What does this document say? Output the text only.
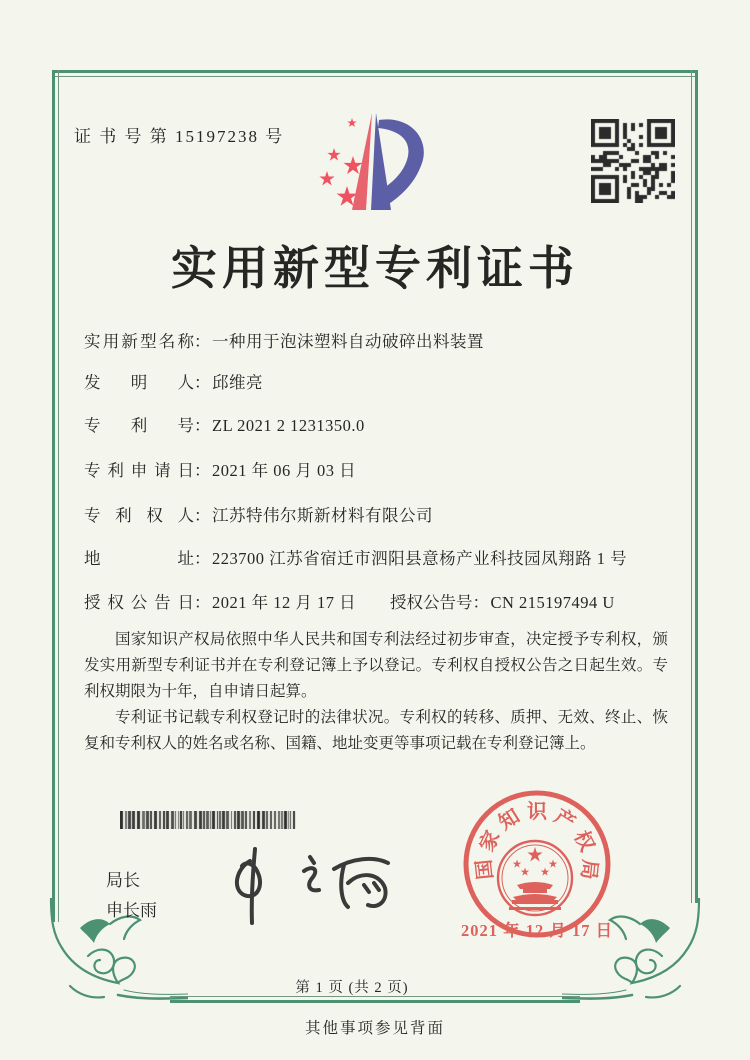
证 书 号 第 15197238 号
实用新型专利证书
实用新型名称：一种用于泡沫塑料自动破碎出料装置
发明人：邱维亮
专利号：ZL 2021 2 1231350.0
专利申请日：2021 年 06 月 03 日
专利权人：江苏特伟尔斯新材料有限公司
地址：223700 江苏省宿迁市泗阳县意杨产业科技园凤翔路 1 号
授权公告日：2021 年 12 月 17 日 授权公告号：CN 215197494 U

国家知识产权局依照中华人民共和国专利法经过初步审查，决定授予专利权，颁发实用新型专利证书并在专利登记簿上予以登记。专利权自授权公告之日起生效。专利权期限为十年，自申请日起算。

专利证书记载专利权登记时的法律状况。专利权的转移、质押、无效、终止、恢复和专利权人的姓名或名称、国籍、地址变更等事项记载在专利登记簿上。

局长
申长雨
国
家
知 识 产
权
局
2021 年 12 月 17 日
第 1 页 (共 2 页)
其他事项参见背面
